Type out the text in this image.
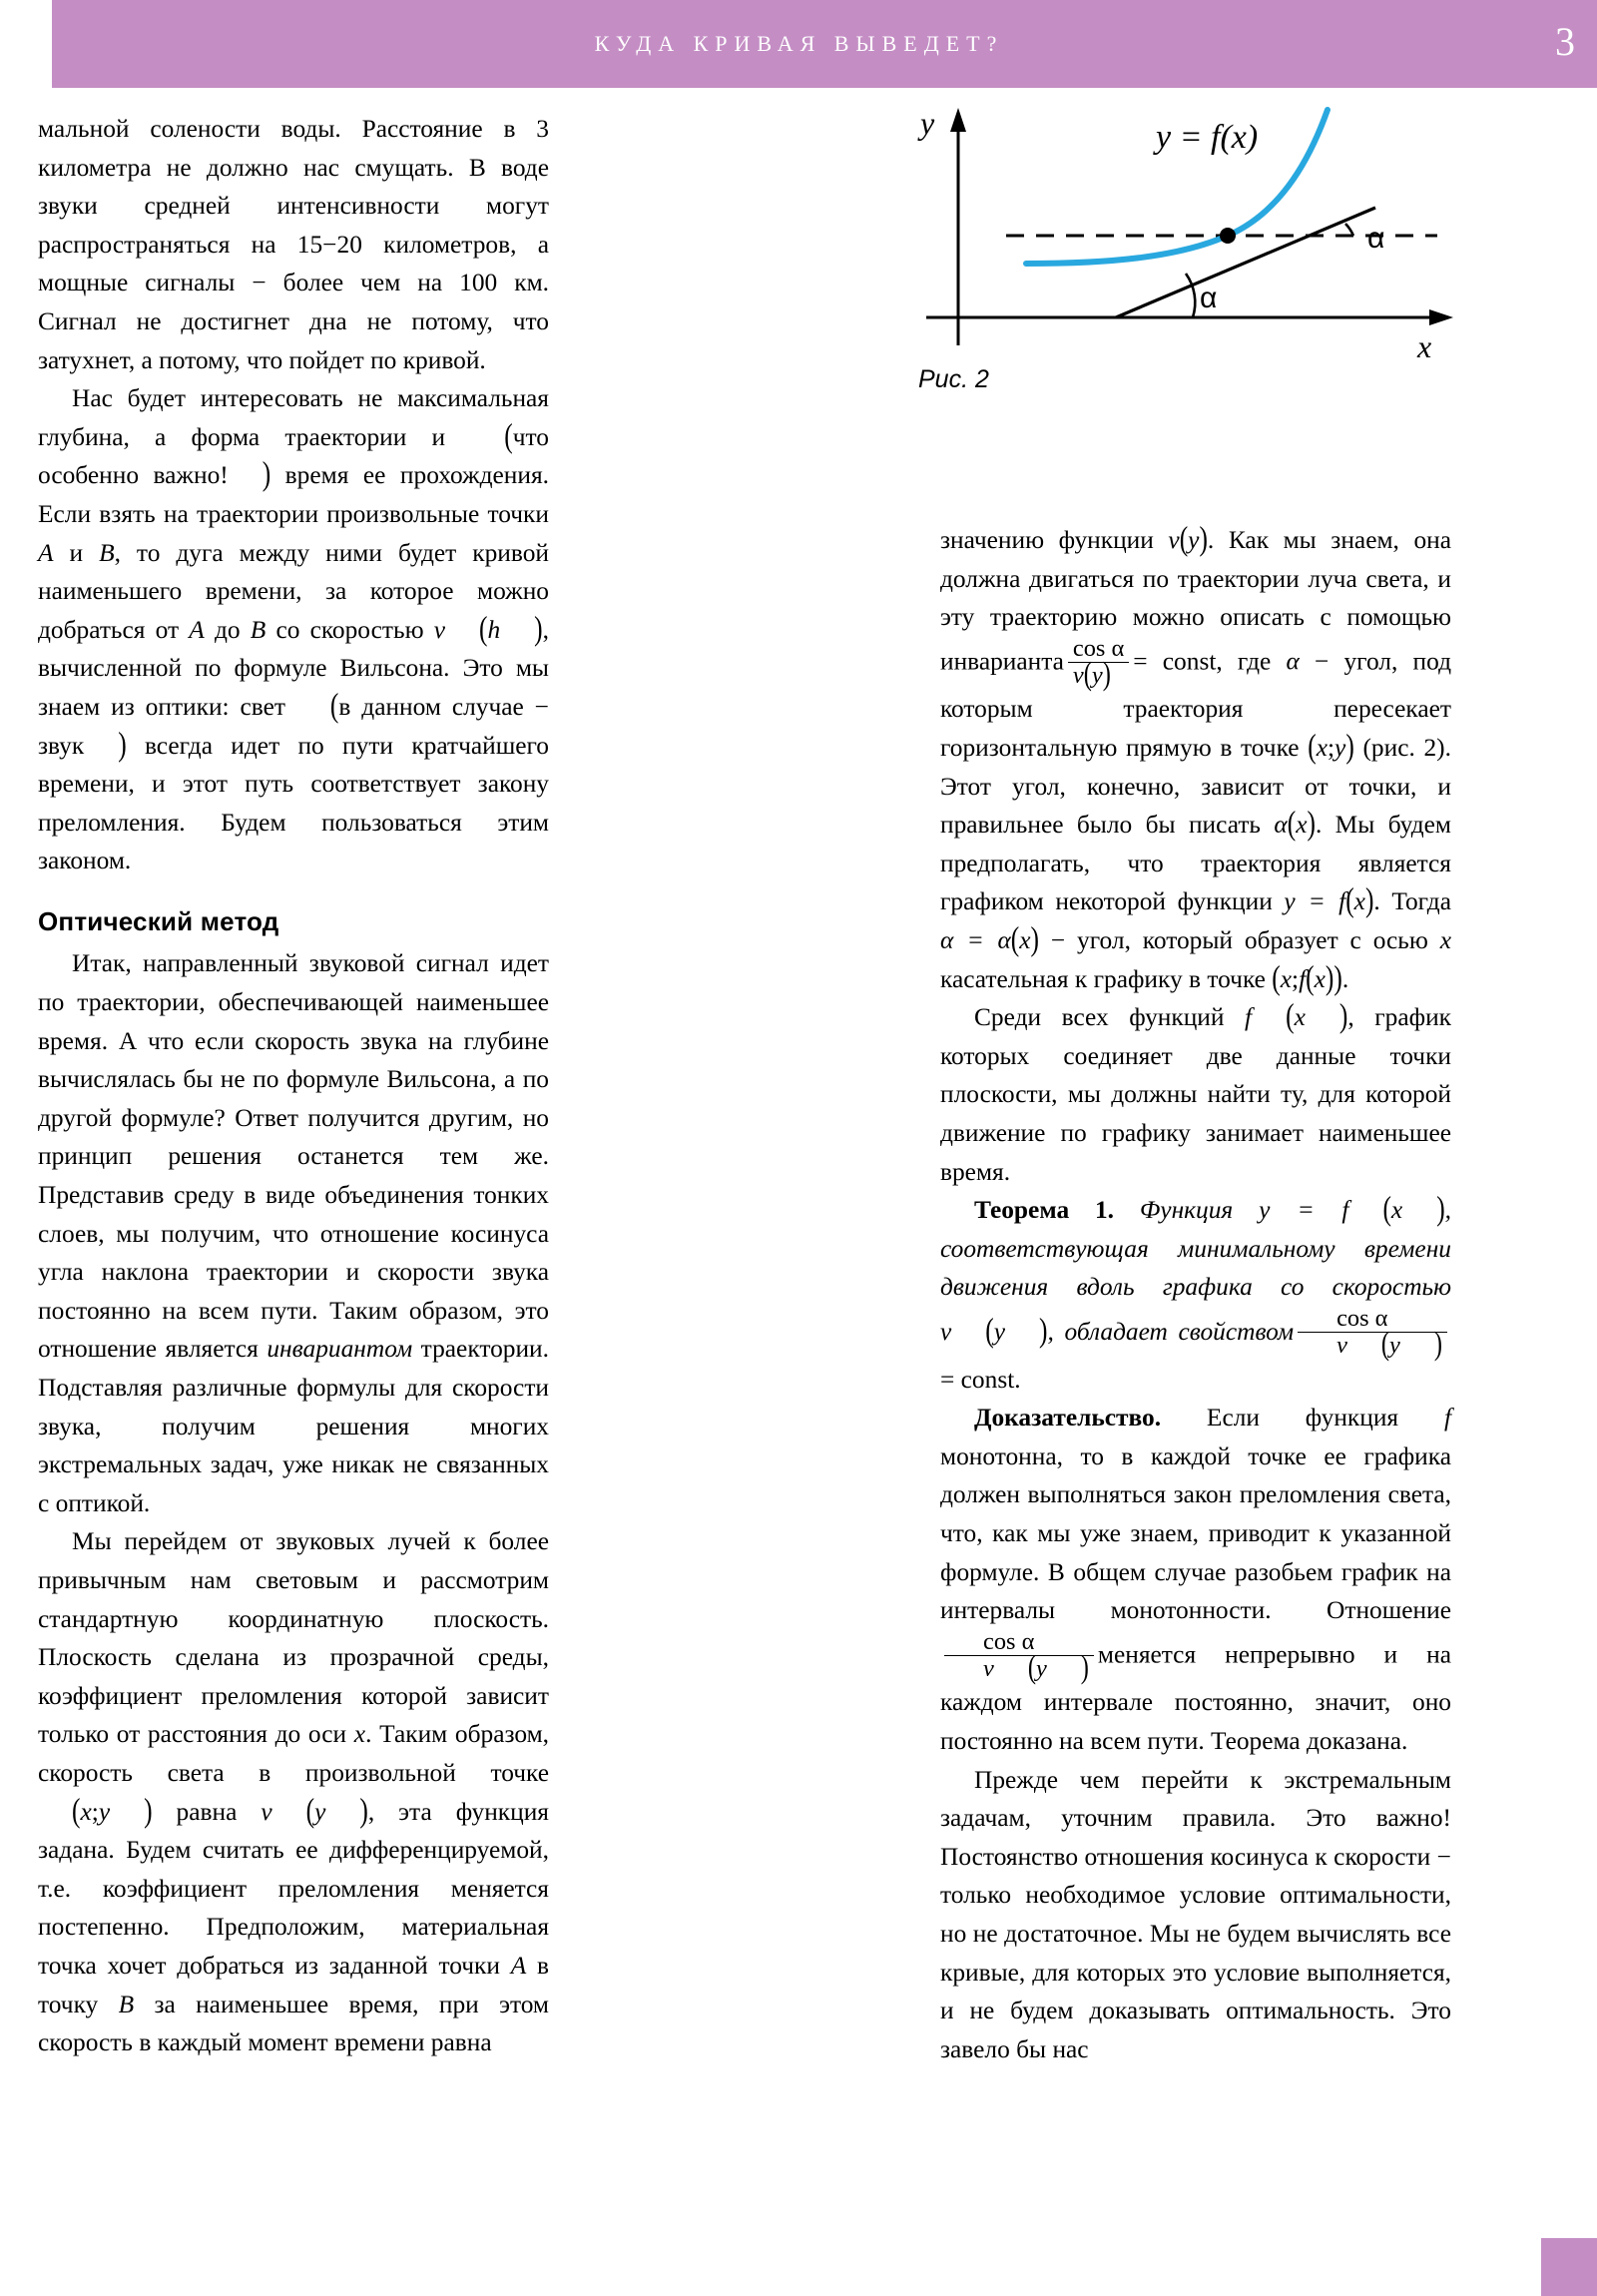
КУДА КРИВАЯ ВЫВЕДЕТ?	3

мальной солености воды. Расстояние в 3 километра не должно нас смущать. В воде звуки средней интенсивности могут распространяться на 15−20 километров, а мощные сигналы − более чем на 100 км. Сигнал не достигнет дна не потому, что затухнет, а потому, что пойдет по кривой.

Нас будет интересовать не максимальная глубина, а форма траектории и (что особенно важно! ) время ее прохождения. Если взять на траектории произвольные точки A и B, то дуга между ними будет кривой наименьшего времени, за которое можно добраться от A до B со скоростью v (h ), вычисленной по формуле Вильсона. Это мы знаем из оптики: свет (в данном случае − звук ) всегда идет по пути кратчайшего времени, и этот путь соответствует закону преломления. Будем пользоваться этим законом.

Оптический метод

Итак, направленный звуковой сигнал идет по траектории, обеспечивающей наименьшее время. А что если скорость звука на глубине вычислялась бы не по формуле Вильсона, а по другой формуле? Ответ получится другим, но принцип решения останется тем же. Представив среду в виде объединения тонких слоев, мы получим, что отношение косинуса угла наклона траектории и скорости звука постоянно на всем пути. Таким образом, это отношение является инвариантом траектории. Подставляя различные формулы для скорости звука, получим решения многих экстремальных задач, уже никак не связанных с оптикой.

Мы перейдем от звуковых лучей к более привычным нам световым и рассмотрим стандартную координатную плоскость. Плоскость сделана из прозрачной среды, коэффициент преломления которой зависит только от расстояния до оси x. Таким образом, скорость света в произвольной точке (x;y ) равна v (y ), эта функция задана. Будем считать ее дифференцируемой, т.е. коэффициент преломления меняется постепенно. Предположим, материальная точка хочет добраться из заданной точки A в точку B за наименьшее время, при этом скорость в каждый момент времени равна

y
x
y = f(x)
α
α
Рис. 2

значению функции v(y). Как мы знаем, она должна двигаться по траектории луча света, и эту траекторию можно описать с помощью инварианта $\frac{\text{cos α}}{v(y)}$ = const, где α − угол, под которым траектория пересекает горизонтальную прямую в точке (x;y) (рис. 2). Этот угол, конечно, зависит от точки, и правильнее было бы писать α(x). Мы будем предполагать, что траектория является графиком некоторой функции y = f(x). Тогда α = α(x) − угол, который образует с осью x касательная к графику в точке (x;f(x)).

Среди всех функций f (x ), график которых соединяет две данные точки плоскости, мы должны найти ту, для которой движение по графику занимает наименьшее время.

Теорема 1. Функция y = f (x ), соответствующая минимальному времени движения вдоль графика со скоростью v (y ), обладает свойством $\frac{\text{cos α}}{v (y )}$
= const.

Доказательство. Если функция f монотонна, то в каждой точке ее графика должен выполняться закон преломления света, что, как мы уже знаем, приводит к указанной формуле. В общем случае разобьем график на интервалы монотонности. Отношение
$\frac{\text{cos α}}{v (y )}$ меняется непрерывно и на каждом интервале постоянно, значит, оно постоянно на всем пути. Теорема доказана.

Прежде чем перейти к экстремальным задачам, уточним правила. Это важно! Постоянство отношения косинуса к скорости − только необходимое условие оптимальности, но не достаточное. Мы не будем вычислять все кривые, для которых это условие выполняется, и не будем доказывать оптимальность. Это завело бы нас
